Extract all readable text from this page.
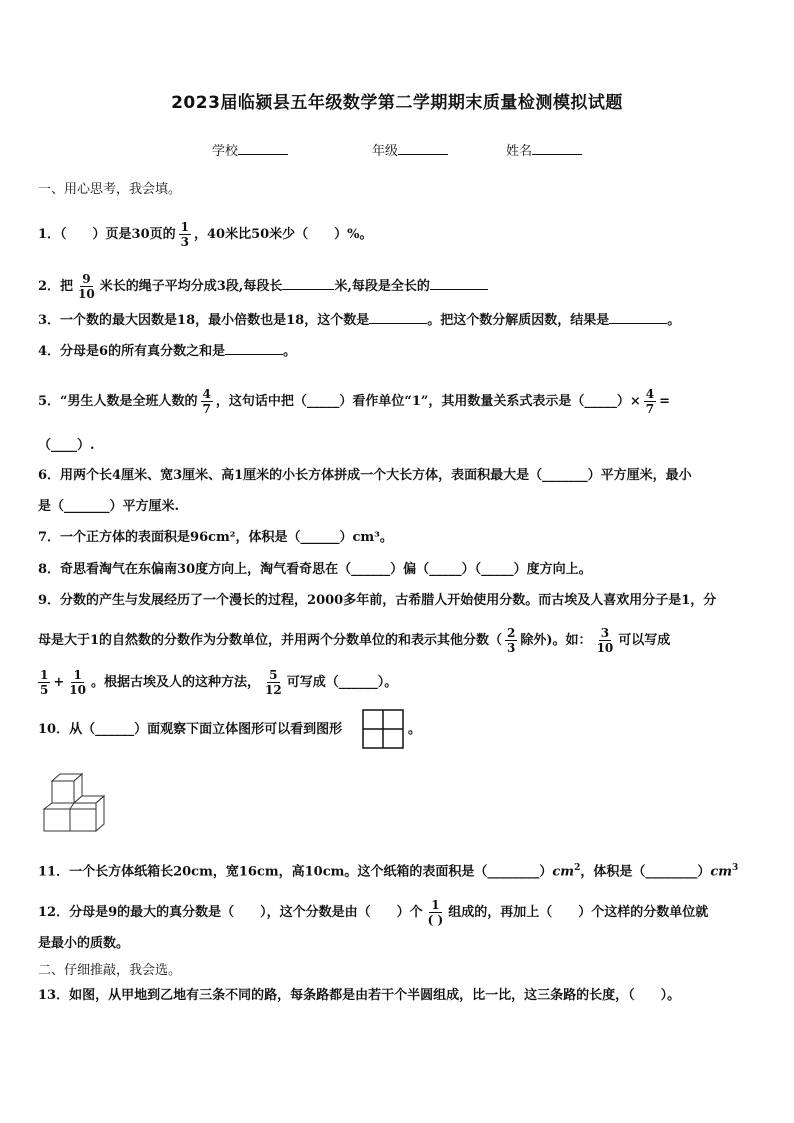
2023届临颍县五年级数学第二学期期末质量检测模拟试题
学校	年级	姓名
一、用心思考，我会填。
1．（　　）页是30页的 $\frac{1}{3}$ ，40米比50米少（　　）%。
2．把 $\frac{9}{10}$ 米长的绳子平均分成3段,每段长	米,每段是全长的
3．一个数的最大因数是18，最小倍数也是18，这个数是	。把这个数分解质因数，结果是	。
4．分母是6的所有真分数之和是	。
5．“男生人数是全班人数的 $\frac{4}{7}$ ，这句话中把（_____）看作单位“1”，其用数量关系式表示是（_____）× $\frac{4}{7}$ =
（____）.
6．用两个长4厘米、宽3厘米、高1厘米的小长方体拼成一个大长方体，表面积最大是（_______）平方厘米，最小
是（_______）平方厘米.
7．一个正方体的表面积是96cm²，体积是（______）cm³。
8．奇思看淘气在东偏南30度方向上，淘气看奇思在（______）偏（_____）（_____）度方向上。
9．分数的产生与发展经历了一个漫长的过程，2000多年前，古希腊人开始使用分数。而古埃及人喜欢用分子是1，分
母是大于1的自然数的分数作为分数单位，并用两个分数单位的和表示其他分数（ $\frac{2}{3}$ 除外)。如： $\frac{3}{10}$ 可以写成
$\frac{1}{5} + \frac{1}{10}$ 。根据古埃及人的这种方法， $\frac{5}{12}$ 可写成（______）。
10．从（______）面观察下面立体图形可以看到图形	。
11．一个长方体纸箱长20cm，宽16cm，高10cm。这个纸箱的表面积是$(\_\_\_\_\_\_\_\_)cm^2$，体积是$(\_\_\_\_\_\_\_\_)cm^3$
12．分母是9的最大的真分数是（　　），这个分数是由（　　）个 $\frac{1}{( )}$ 组成的，再加上（　　）个这样的分数单位就
是最小的质数。
二、仔细推敲，我会选。
13．如图，从甲地到乙地有三条不同的路，每条路都是由若干个半圆组成，比一比，这三条路的长度，（　　）。
